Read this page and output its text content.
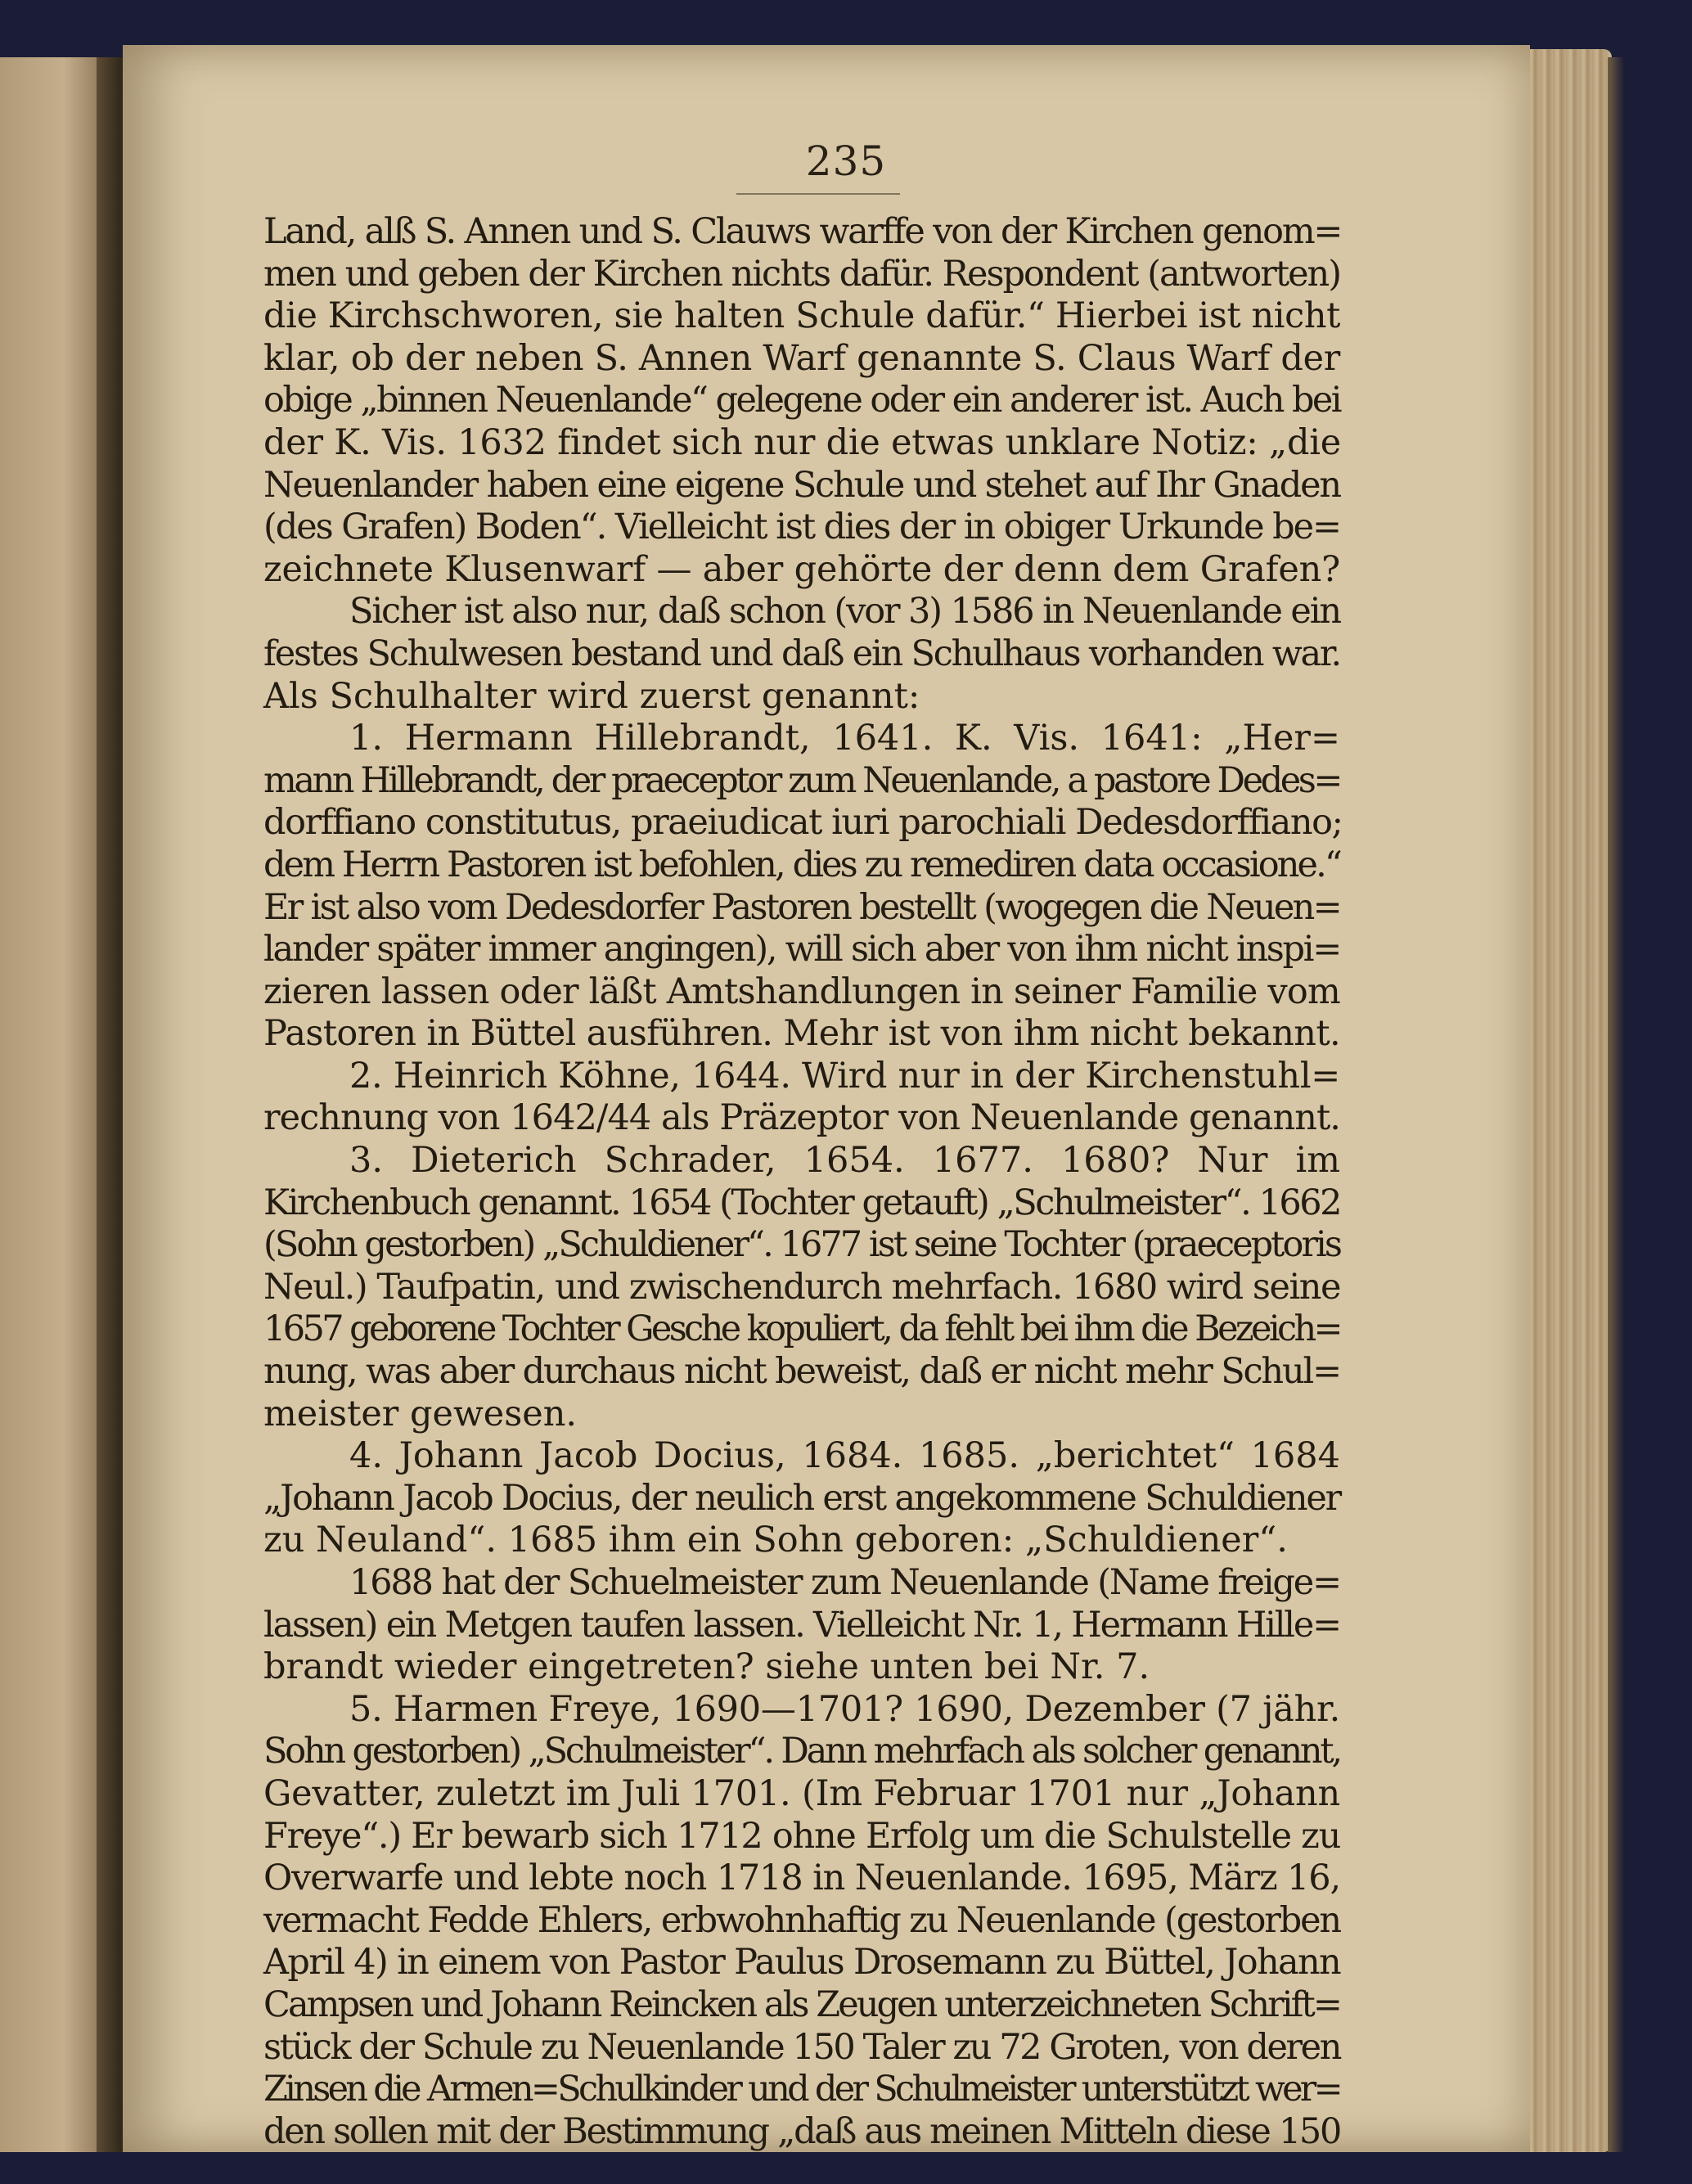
235
Land, alß S. Annen und S. Clauws warffe von der Kirchen genom=
men und geben der Kirchen nichts dafür. Respondent (antworten)
die Kirchschworen, sie halten Schule dafür.“ Hierbei ist nicht
klar, ob der neben S. Annen Warf genannte S. Claus Warf der
obige „binnen Neuenlande“ gelegene oder ein anderer ist. Auch bei
der K. Vis. 1632 findet sich nur die etwas unklare Notiz: „die
Neuenlander haben eine eigene Schule und stehet auf Ihr Gnaden
(des Grafen) Boden“. Vielleicht ist dies der in obiger Urkunde be=
zeichnete Klusenwarf — aber gehörte der denn dem Grafen?
Sicher ist also nur, daß schon (vor 3) 1586 in Neuenlande ein
festes Schulwesen bestand und daß ein Schulhaus vorhanden war.
Als Schulhalter wird zuerst genannt:
1. Hermann Hillebrandt, 1641. K. Vis. 1641: „Her=
mann Hillebrandt, der praeceptor zum Neuenlande, a pastore Dedes=
dorffiano constitutus, praeiudicat iuri parochiali Dedesdorffiano;
dem Herrn Pastoren ist befohlen, dies zu remediren data occasione.“
Er ist also vom Dedesdorfer Pastoren bestellt (wogegen die Neuen=
lander später immer angingen), will sich aber von ihm nicht inspi=
zieren lassen oder läßt Amtshandlungen in seiner Familie vom
Pastoren in Büttel ausführen. Mehr ist von ihm nicht bekannt.
2. Heinrich Köhne, 1644. Wird nur in der Kirchenstuhl=
rechnung von 1642/44 als Präzeptor von Neuenlande genannt.
3. Dieterich Schrader, 1654. 1677. 1680? Nur im
Kirchenbuch genannt. 1654 (Tochter getauft) „Schulmeister“. 1662
(Sohn gestorben) „Schuldiener“. 1677 ist seine Tochter (praeceptoris
Neul.) Taufpatin, und zwischendurch mehrfach. 1680 wird seine
1657 geborene Tochter Gesche kopuliert, da fehlt bei ihm die Bezeich=
nung, was aber durchaus nicht beweist, daß er nicht mehr Schul=
meister gewesen.
4. Johann Jacob Docius, 1684. 1685. „berichtet“ 1684
„Johann Jacob Docius, der neulich erst angekommene Schuldiener
zu Neuland“. 1685 ihm ein Sohn geboren: „Schuldiener“.
1688 hat der Schuelmeister zum Neuenlande (Name freige=
lassen) ein Metgen taufen lassen. Vielleicht Nr. 1, Hermann Hille=
brandt wieder eingetreten? siehe unten bei Nr. 7.
5. Harmen Freye, 1690—1701? 1690, Dezember (7 jähr.
Sohn gestorben) „Schulmeister“. Dann mehrfach als solcher genannt,
Gevatter, zuletzt im Juli 1701. (Im Februar 1701 nur „Johann
Freye“.) Er bewarb sich 1712 ohne Erfolg um die Schulstelle zu
Overwarfe und lebte noch 1718 in Neuenlande. 1695, März 16,
vermacht Fedde Ehlers, erbwohnhaftig zu Neuenlande (gestorben
April 4) in einem von Pastor Paulus Drosemann zu Büttel, Johann
Campsen und Johann Reincken als Zeugen unterzeichneten Schrift=
stück der Schule zu Neuenlande 150 Taler zu 72 Groten, von deren
Zinsen die Armen=Schulkinder und der Schulmeister unterstützt wer=
den sollen mit der Bestimmung „daß aus meinen Mitteln diese 150
